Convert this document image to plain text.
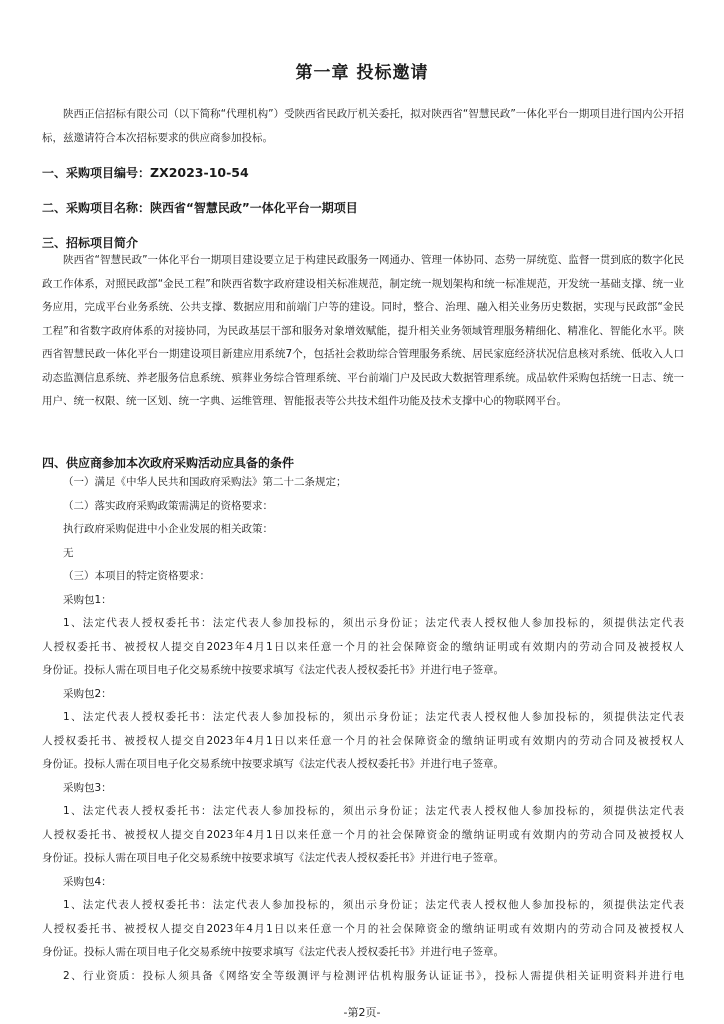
第一章 投标邀请
陕西正信招标有限公司（以下简称“代理机构”）受陕西省民政厅机关委托，拟对陕西省“智慧民政”一体化平台一期项目进行国内公开招标，兹邀请符合本次招标要求的供应商参加投标。
一、采购项目编号：ZX2023-10-54
二、采购项目名称：陕西省“智慧民政”一体化平台一期项目
三、招标项目简介
陕西省“智慧民政”一体化平台一期项目建设要立足于构建民政服务一网通办、管理一体协同、态势一屏统览、监督一贯到底的数字化民政工作体系，对照民政部“金民工程”和陕西省数字政府建设相关标准规范，制定统一规划架构和统一标准规范，开发统一基础支撑、统一业务应用，完成平台业务系统、公共支撑、数据应用和前端门户等的建设。同时，整合、治理、融入相关业务历史数据，实现与民政部“金民工程”和省数字政府体系的对接协同，为民政基层干部和服务对象增效赋能，提升相关业务领域管理服务精细化、精准化、智能化水平。陕西省智慧民政一体化平台一期建设项目新建应用系统7个，包括社会救助综合管理服务系统、居民家庭经济状况信息核对系统、低收入人口动态监测信息系统、养老服务信息系统、殡葬业务综合管理系统、平台前端门户及民政大数据管理系统。成品软件采购包括统一日志、统一用户、统一权限、统一区划、统一字典、运维管理、智能报表等公共技术组件功能及技术支撑中心的物联网平台。
四、供应商参加本次政府采购活动应具备的条件

（一）满足《中华人民共和国政府采购法》第二十二条规定；

（二）落实政府采购政策需满足的资格要求：

执行政府采购促进中小企业发展的相关政策：

无

（三）本项目的特定资格要求：

采购包1：

1、法定代表人授权委托书：法定代表人参加投标的，须出示身份证；法定代表人授权他人参加投标的，须提供法定代表

人授权委托书、被授权人提交自2023年4月1日以来任意一个月的社会保障资金的缴纳证明或有效期内的劳动合同及被授权人

身份证。投标人需在项目电子化交易系统中按要求填写《法定代表人授权委托书》并进行电子签章。

采购包2：

1、法定代表人授权委托书：法定代表人参加投标的，须出示身份证；法定代表人授权他人参加投标的，须提供法定代表

人授权委托书、被授权人提交自2023年4月1日以来任意一个月的社会保障资金的缴纳证明或有效期内的劳动合同及被授权人

身份证。投标人需在项目电子化交易系统中按要求填写《法定代表人授权委托书》并进行电子签章。

采购包3：

1、法定代表人授权委托书：法定代表人参加投标的，须出示身份证；法定代表人授权他人参加投标的，须提供法定代表

人授权委托书、被授权人提交自2023年4月1日以来任意一个月的社会保障资金的缴纳证明或有效期内的劳动合同及被授权人

身份证。投标人需在项目电子化交易系统中按要求填写《法定代表人授权委托书》并进行电子签章。

采购包4：

1、法定代表人授权委托书：法定代表人参加投标的，须出示身份证；法定代表人授权他人参加投标的，须提供法定代表

人授权委托书、被授权人提交自2023年4月1日以来任意一个月的社会保障资金的缴纳证明或有效期内的劳动合同及被授权人

身份证。投标人需在项目电子化交易系统中按要求填写《法定代表人授权委托书》并进行电子签章。

2、行业资质：投标人须具备《网络安全等级测评与检测评估机构服务认证证书》，投标人需提供相关证明资料并进行电

-第2页-
